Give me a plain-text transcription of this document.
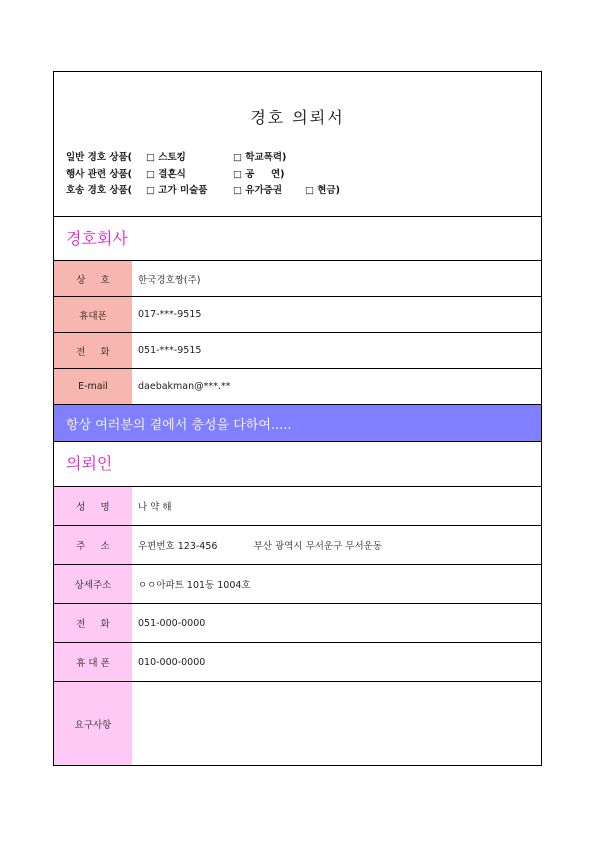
경호 의뢰서
일반 경호 상품( □ 스토킹	□ 학교폭력)
행사 관련 상품( □ 결혼식	□ 공     연)
호송 경호 상품( □ 고가 미술품	□ 유가증권 □ 현금)
경호회사
상     호	한국경호짱(주)
휴대폰	017-***-9515
전     화	051-***-9515
E-mail	daebakman@***.**
항상 여러분의 곁에서 충성을 다하여.....
의뢰인
성     명	나 약 해
주     소	우편번호 123-456            부산 광역시 무서운구 무서운동
상세주소	ㅇㅇ아파트 101동 1004호
전     화	051-000-0000
휴 대 폰	010-000-0000
요구사항
